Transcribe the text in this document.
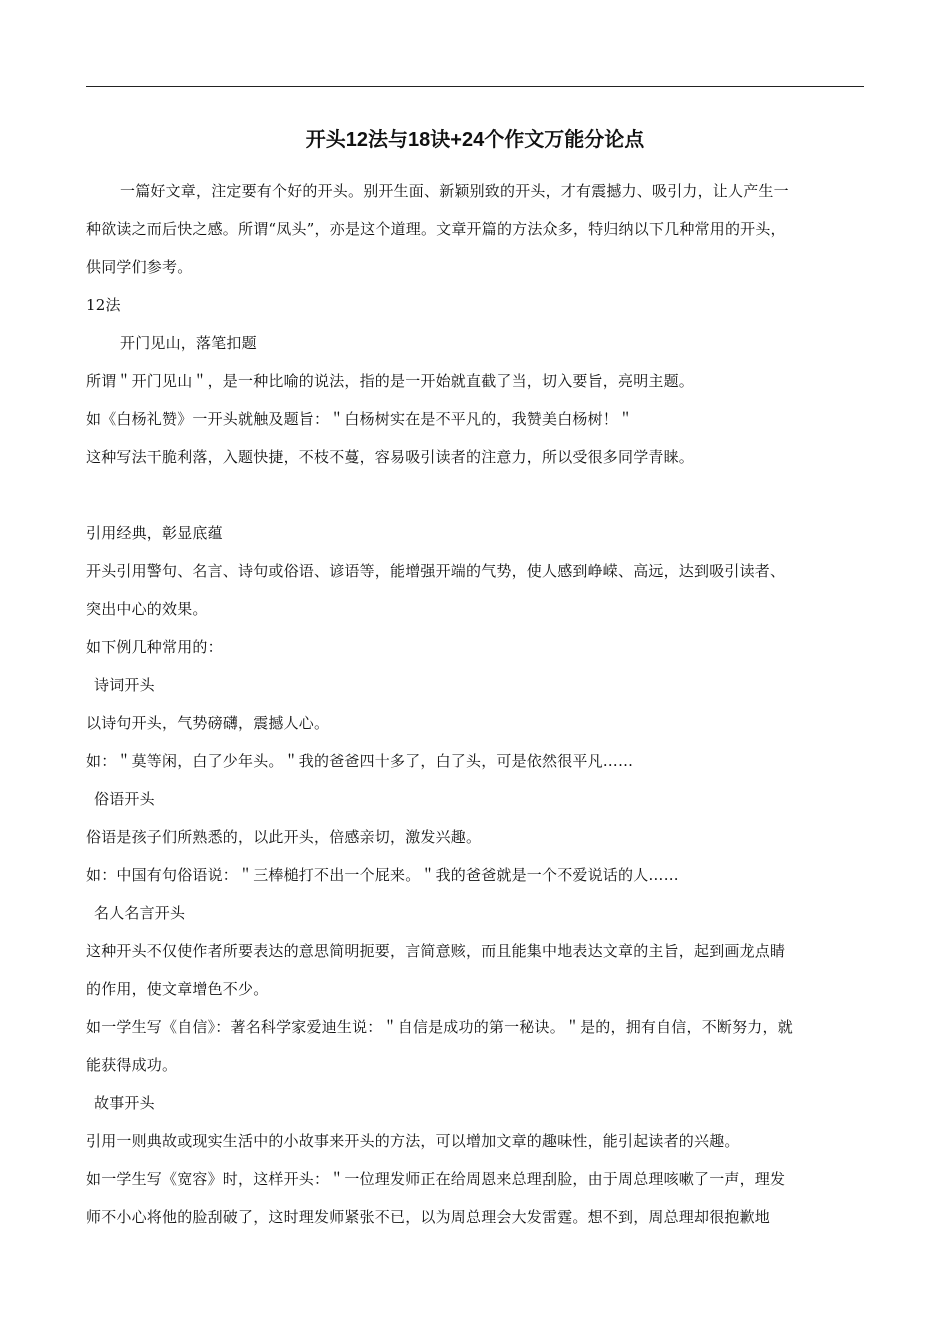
开头12法与18诀+24个作文万能分论点

一篇好文章，注定要有个好的开头。别开生面、新颖别致的开头，才有震撼力、吸引力，让人产生一

种欲读之而后快之感。所谓“凤头”，亦是这个道理。文章开篇的方法众多，特归纳以下几种常用的开头，

供同学们参考。

12法

开门见山，落笔扣题

所谓＂开门见山＂，是一种比喻的说法，指的是一开始就直截了当，切入要旨，亮明主题。

如《白杨礼赞》一开头就触及题旨：＂白杨树实在是不平凡的，我赞美白杨树！＂

这种写法干脆利落，入题快捷，不枝不蔓，容易吸引读者的注意力，所以受很多同学青睐。

引用经典，彰显底蕴

开头引用警句、名言、诗句或俗语、谚语等，能增强开端的气势，使人感到峥嵘、高远，达到吸引读者、

突出中心的效果。

如下例几种常用的：

诗词开头

以诗句开头，气势磅礴，震撼人心。

如：＂莫等闲，白了少年头。＂我的爸爸四十多了，白了头，可是依然很平凡……

俗语开头

俗语是孩子们所熟悉的，以此开头，倍感亲切，激发兴趣。

如：中国有句俗语说：＂三棒槌打不出一个屁来。＂我的爸爸就是一个不爱说话的人……

名人名言开头

这种开头不仅使作者所要表达的意思简明扼要，言简意赅，而且能集中地表达文章的主旨，起到画龙点睛

的作用，使文章增色不少。

如一学生写《自信》：著名科学家爱迪生说：＂自信是成功的第一秘诀。＂是的，拥有自信，不断努力，就

能获得成功。

故事开头

引用一则典故或现实生活中的小故事来开头的方法，可以增加文章的趣味性，能引起读者的兴趣。

如一学生写《宽容》时，这样开头：＂一位理发师正在给周恩来总理刮脸，由于周总理咳嗽了一声，理发

师不小心将他的脸刮破了，这时理发师紧张不已，以为周总理会大发雷霆。想不到，周总理却很抱歉地
